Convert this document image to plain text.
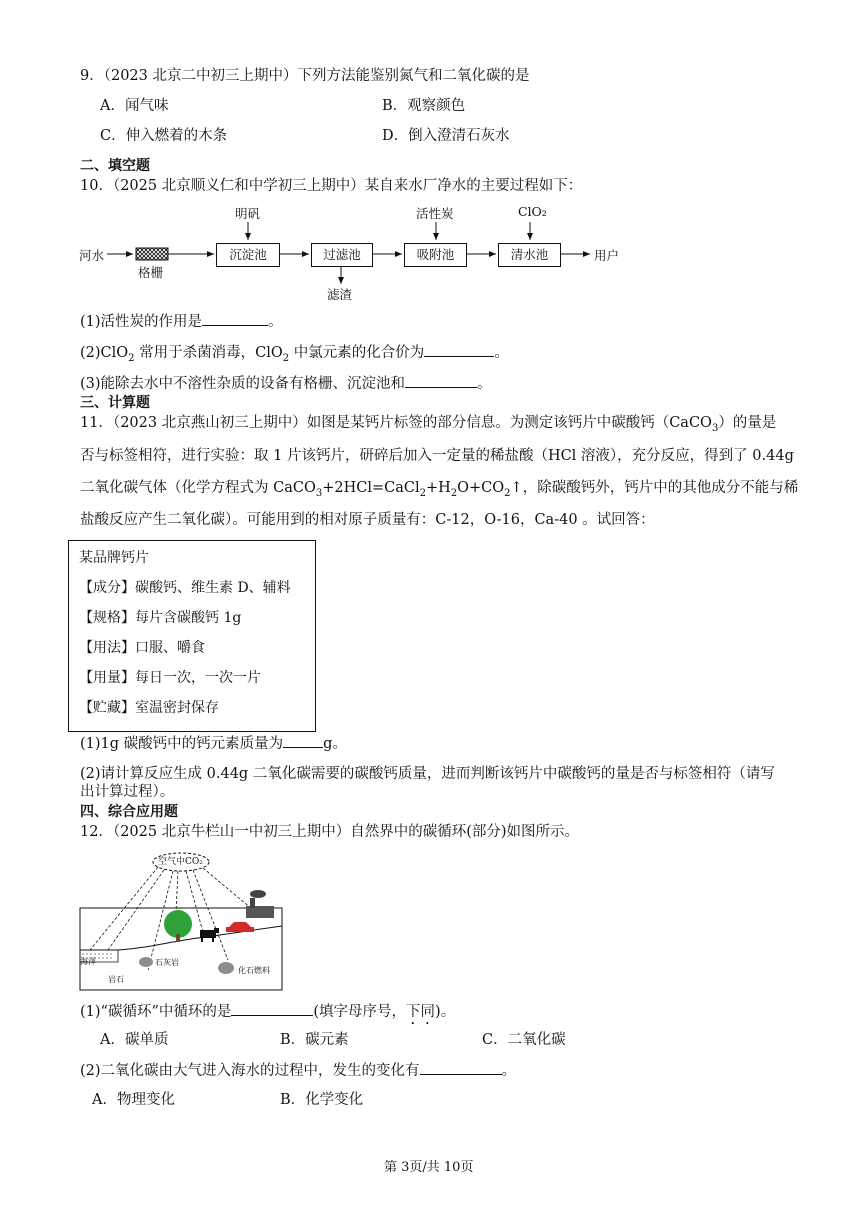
9．（2023 北京二中初三上期中）下列方法能鉴别氮气和二氧化碳的是
A．闻气味	B．观察颜色
C．伸入燃着的木条	D．倒入澄清石灰水
二、填空题
10．（2025 北京顺义仁和中学初三上期中）某自来水厂净水的主要过程如下：
河水
格栅
沉淀池
明矾
过滤池
滤渣
吸附池
活性炭
清水池
ClO₂
用户
(1)活性炭的作用是	。
(2)ClO$_2$ 常用于杀菌消毒，ClO$_2$ 中氯元素的化合价为	。
(3)能除去水中不溶性杂质的设备有格栅、沉淀池和	。
三、计算题
11．（2023 北京燕山初三上期中）如图是某钙片标签的部分信息。为测定该钙片中碳酸钙（CaCO$_3$）的量是
否与标签相符，进行实验：取 1 片该钙片，研碎后加入一定量的稀盐酸（HCl 溶液），充分反应，得到了 0.44g
二氧化碳气体（化学方程式为 $CaCO_3+2HCl=CaCl_2+H_2O+CO_2↑$，除碳酸钙外，钙片中的其他成分不能与稀
盐酸反应产生二氧化碳）。可能用到的相对原子质量有：C-12，O-16，Ca-40 。试回答：
某品牌钙片
【成分】碳酸钙、维生素 D、辅料
【规格】每片含碳酸钙 1g
【用法】口服、嚼食
【用量】每日一次，一次一片
【贮藏】室温密封保存
(1)1g 碳酸钙中的钙元素质量为	g。
(2)请计算反应生成 0.44g 二氧化碳需要的碳酸钙质量，进而判断该钙片中碳酸钙的量是否与标签相符（请写
出计算过程）。
四、综合应用题
12．（2025 北京牛栏山一中初三上期中）自然界中的碳循环(部分)如图所示。
空气中CO₂
海洋	石灰岩
岩石
化石燃料
(1)“碳循环”中循环的是	(填字母序号，下同)。
A．碳单质	B．碳元素	C．二氧化碳
(2)二氧化碳由大气进入海水的过程中，发生的变化有	。
A．物理变化	B．化学变化
第 3页/共 10页
